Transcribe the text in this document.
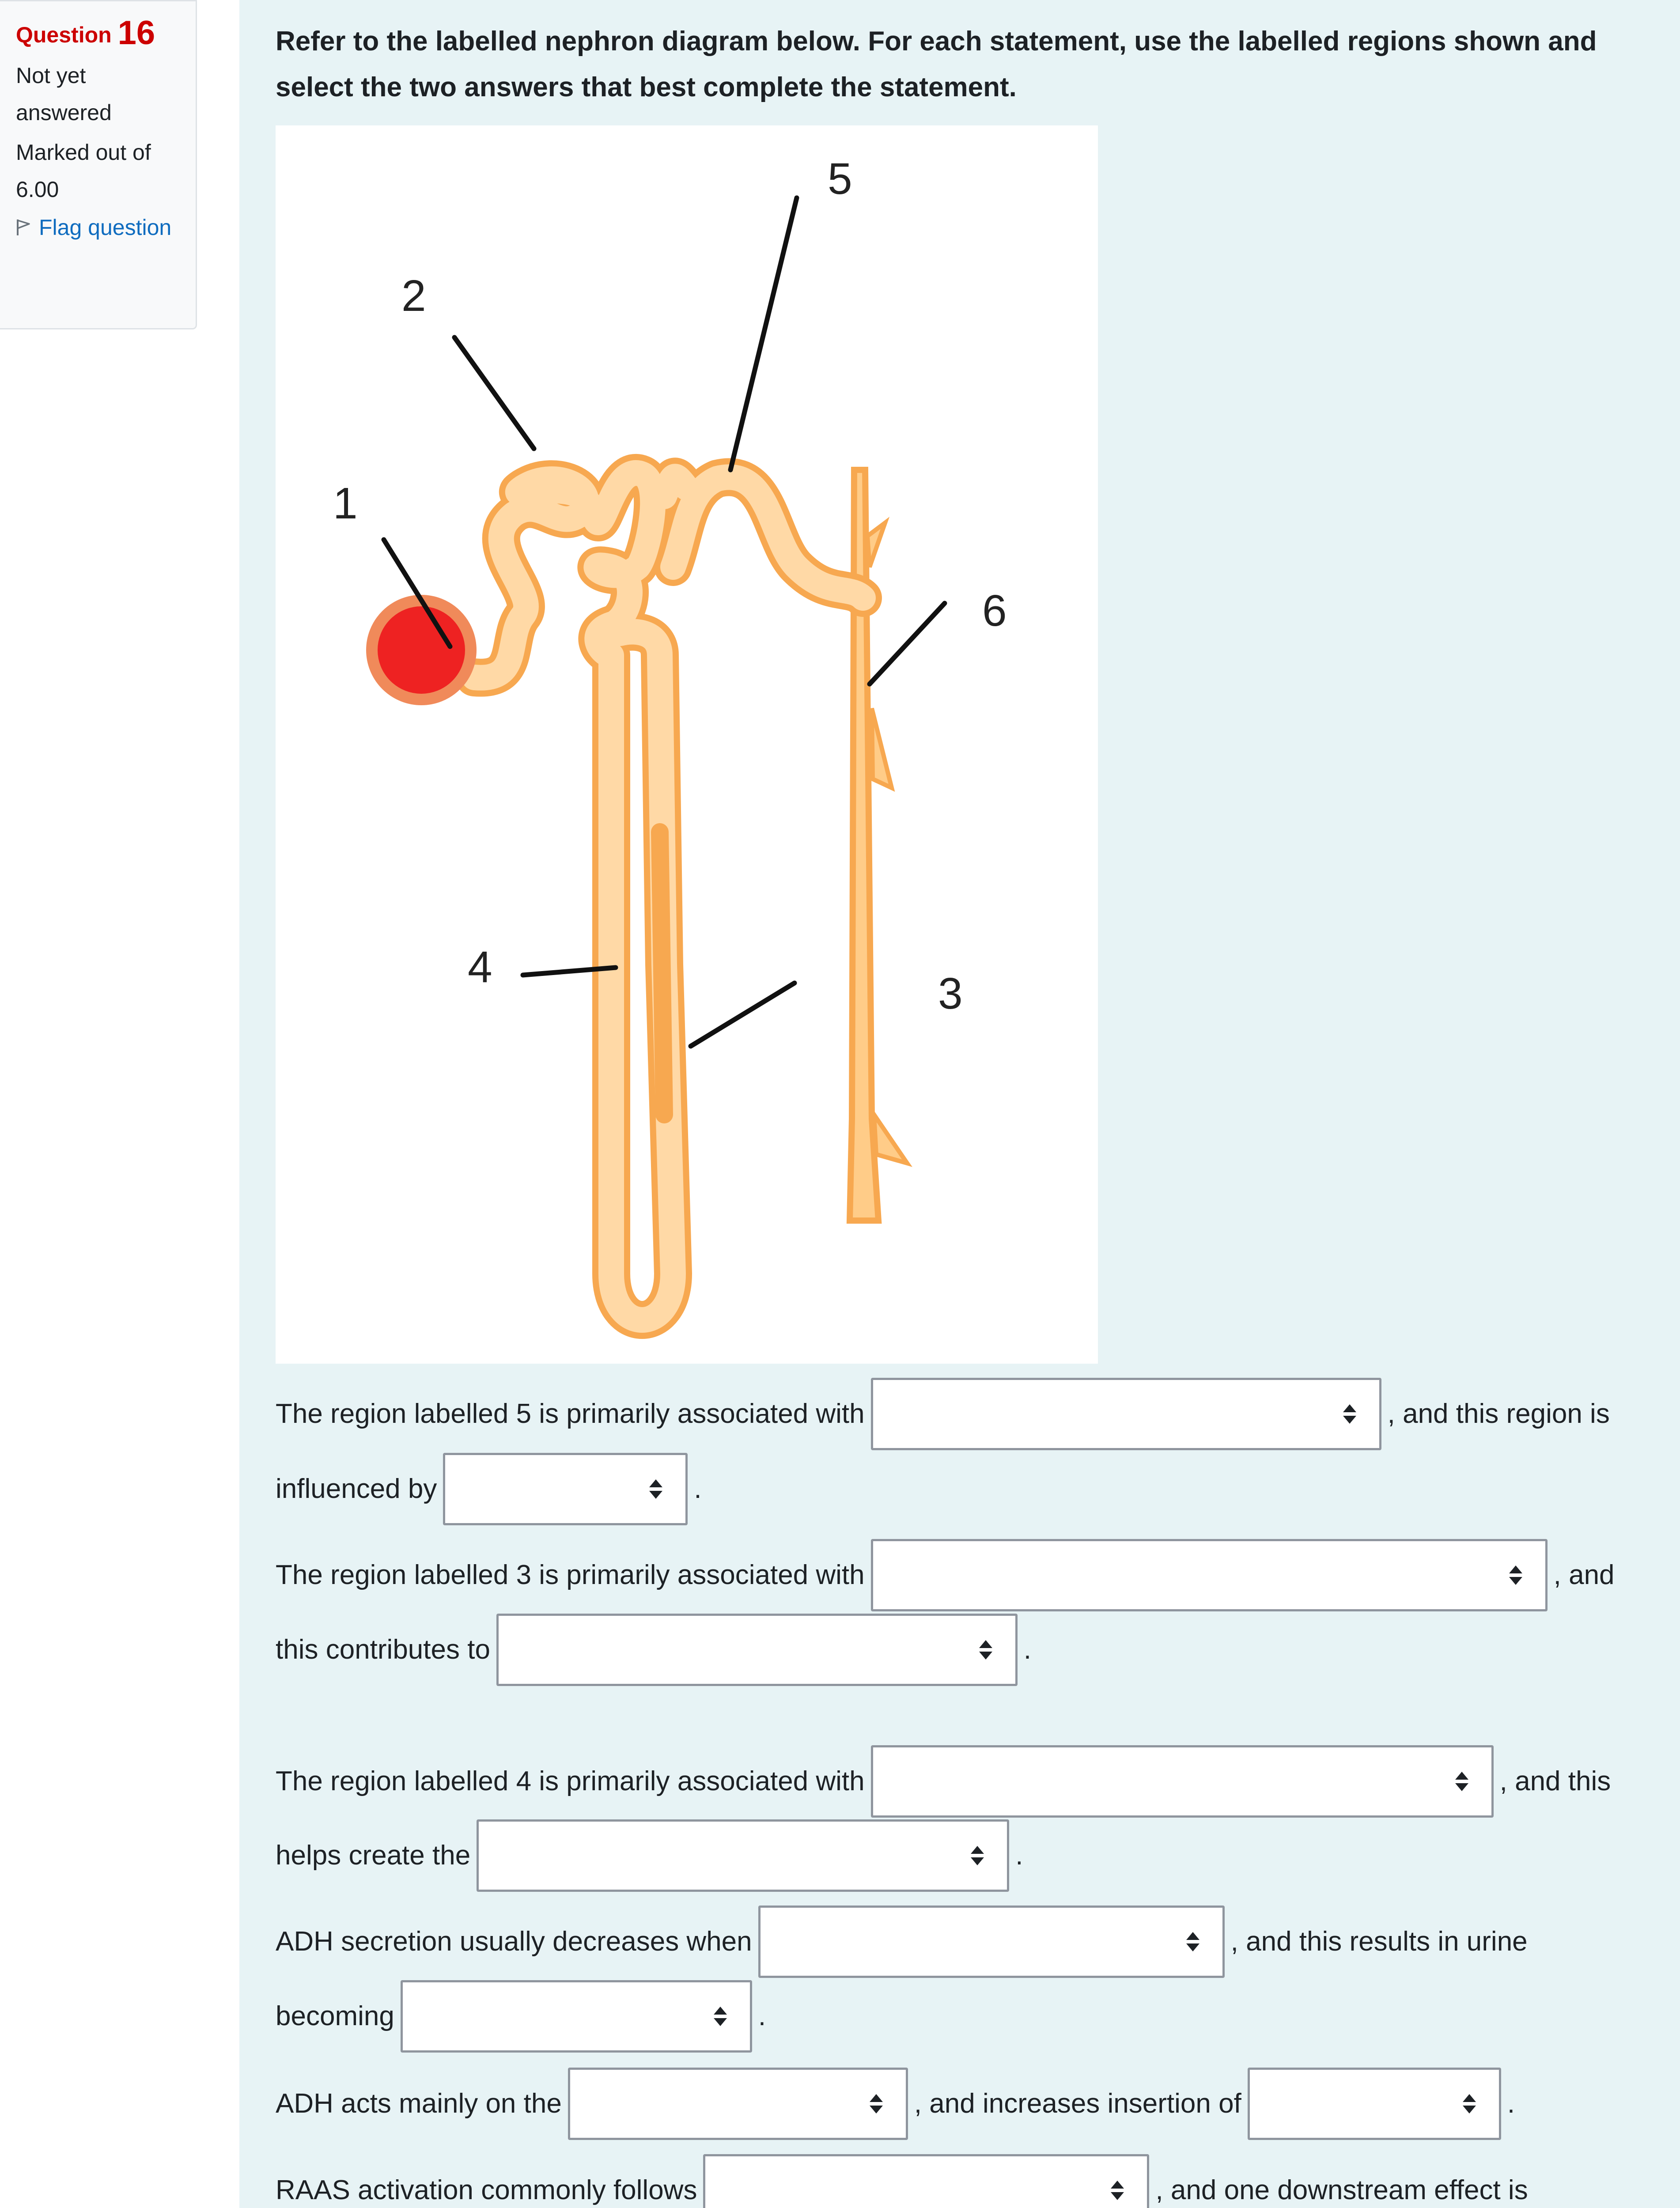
Question 16
Not yet answered
Marked out of 6.00
Flag question
Refer to the labelled nephron diagram below. For each statement, use the labelled regions shown and select the two answers that best complete the statement.
1
2
3
4
5
6
The region labelled 5 is primarily associated with	, and this region is
influenced by	.
The region labelled 3 is primarily associated with	, and
this contributes to	.
The region labelled 4 is primarily associated with	, and this
helps create the	.
ADH secretion usually decreases when	, and this results in urine
becoming	.
ADH acts mainly on the	, and increases insertion of	.
RAAS activation commonly follows	, and one downstream effect is
